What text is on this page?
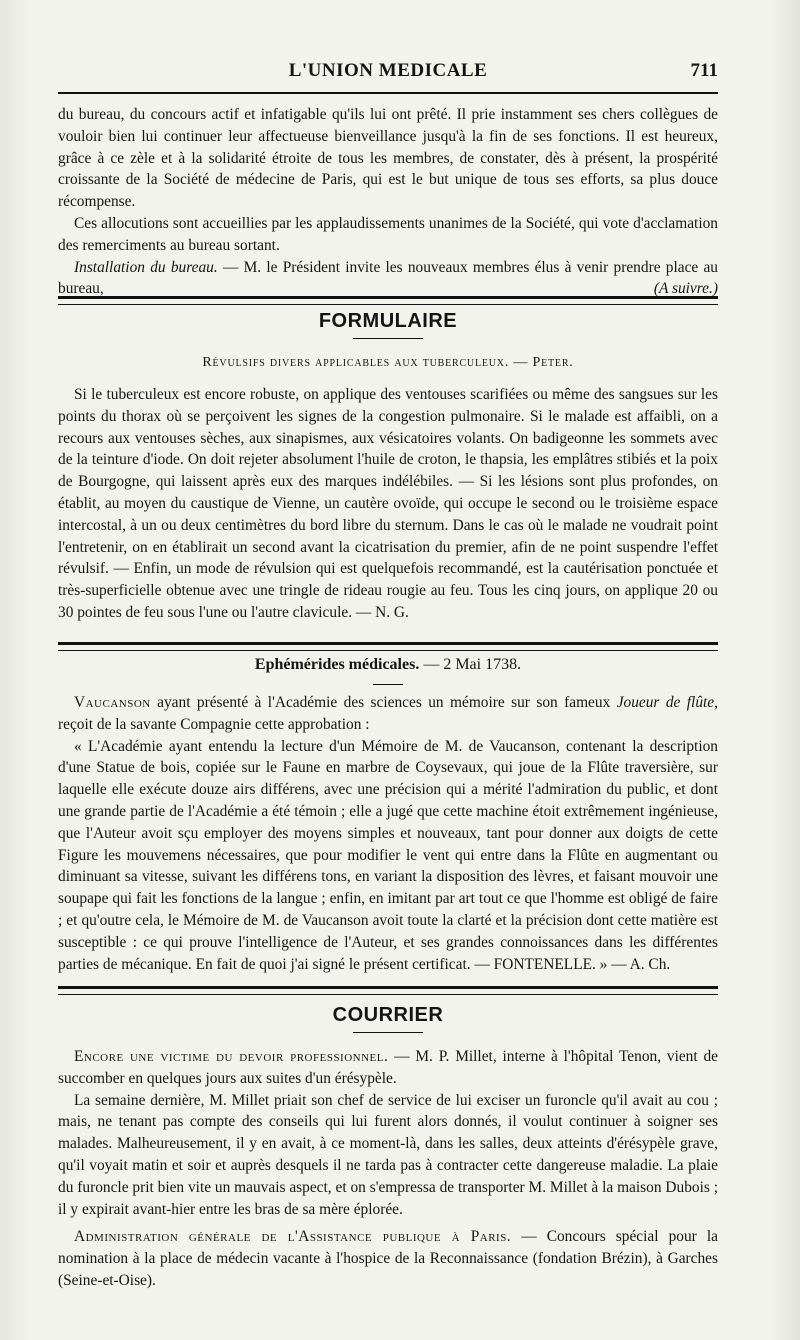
L'UNION MEDICALE	711

du bureau, du concours actif et infatigable qu'ils lui ont prêté. Il prie instamment ses chers collègues de vouloir bien lui continuer leur affectueuse bienveillance jusqu'à la fin de ses fonctions. Il est heureux, grâce à ce zèle et à la solidarité étroite de tous les membres, de constater, dès à présent, la prospérité croissante de la Société de médecine de Paris, qui est le but unique de tous ses efforts, sa plus douce récompense.

Ces allocutions sont accueillies par les applaudissements unanimes de la Société, qui vote d'acclamation des remerciments au bureau sortant.

Installation du bureau. — M. le Président invite les nouveaux membres élus à venir prendre place au bureau,	(A suivre.)

FORMULAIRE
Révulsifs divers applicables aux tuberculeux. — Peter.

Si le tuberculeux est encore robuste, on applique des ventouses scarifiées ou même des sangsues sur les points du thorax où se perçoivent les signes de la congestion pulmonaire. Si le malade est affaibli, on a recours aux ventouses sèches, aux sinapismes, aux vésicatoires volants. On badigeonne les sommets avec de la teinture d'iode. On doit rejeter absolument l'huile de croton, le thapsia, les emplâtres stibiés et la poix de Bourgogne, qui laissent après eux des marques indélébiles. — Si les lésions sont plus profondes, on établit, au moyen du caustique de Vienne, un cautère ovoïde, qui occupe le second ou le troisième espace intercostal, à un ou deux centimètres du bord libre du sternum. Dans le cas où le malade ne voudrait point l'entretenir, on en établirait un second avant la cicatrisation du premier, afin de ne point suspendre l'effet révulsif. — Enfin, un mode de révulsion qui est quelquefois recommandé, est la cautérisation ponctuée et très-superficielle obtenue avec une tringle de rideau rougie au feu. Tous les cinq jours, on applique 20 ou 30 pointes de feu sous l'une ou l'autre clavicule. — N. G.

Ephémérides médicales. — 2 Mai 1738.

Vaucanson ayant présenté à l'Académie des sciences un mémoire sur son fameux Joueur de flûte, reçoit de la savante Compagnie cette approbation :

« L'Académie ayant entendu la lecture d'un Mémoire de M. de Vaucanson, contenant la description d'une Statue de bois, copiée sur le Faune en marbre de Coysevaux, qui joue de la Flûte traversière, sur laquelle elle exécute douze airs différens, avec une précision qui a mérité l'admiration du public, et dont une grande partie de l'Académie a été témoin ; elle a jugé que cette machine étoit extrêmement ingénieuse, que l'Auteur avoit sçu employer des moyens simples et nouveaux, tant pour donner aux doigts de cette Figure les mouvemens nécessaires, que pour modifier le vent qui entre dans la Flûte en augmentant ou diminuant sa vitesse, suivant les différens tons, en variant la disposition des lèvres, et faisant mouvoir une soupape qui fait les fonctions de la langue ; enfin, en imitant par art tout ce que l'homme est obligé de faire ; et qu'outre cela, le Mémoire de M. de Vaucanson avoit toute la clarté et la précision dont cette matière est susceptible : ce qui prouve l'intelligence de l'Auteur, et ses grandes connoissances dans les différentes parties de mécanique. En fait de quoi j'ai signé le présent certificat. — FONTENELLE. » — A. Ch.

COURRIER

Encore une victime du devoir professionnel. — M. P. Millet, interne à l'hôpital Tenon, vient de succomber en quelques jours aux suites d'un érésypèle.

La semaine dernière, M. Millet priait son chef de service de lui exciser un furoncle qu'il avait au cou ; mais, ne tenant pas compte des conseils qui lui furent alors donnés, il voulut continuer à soigner ses malades. Malheureusement, il y en avait, à ce moment-là, dans les salles, deux atteints d'érésypèle grave, qu'il voyait matin et soir et auprès desquels il ne tarda pas à contracter cette dangereuse maladie. La plaie du furoncle prit bien vite un mauvais aspect, et on s'empressa de transporter M. Millet à la maison Dubois ; il y expirait avant-hier entre les bras de sa mère éplorée.

Administration générale de l'Assistance publique à Paris. — Concours spécial pour la nomination à la place de médecin vacante à l'hospice de la Reconnaissance (fondation Brézin), à Garches (Seine-et-Oise).
